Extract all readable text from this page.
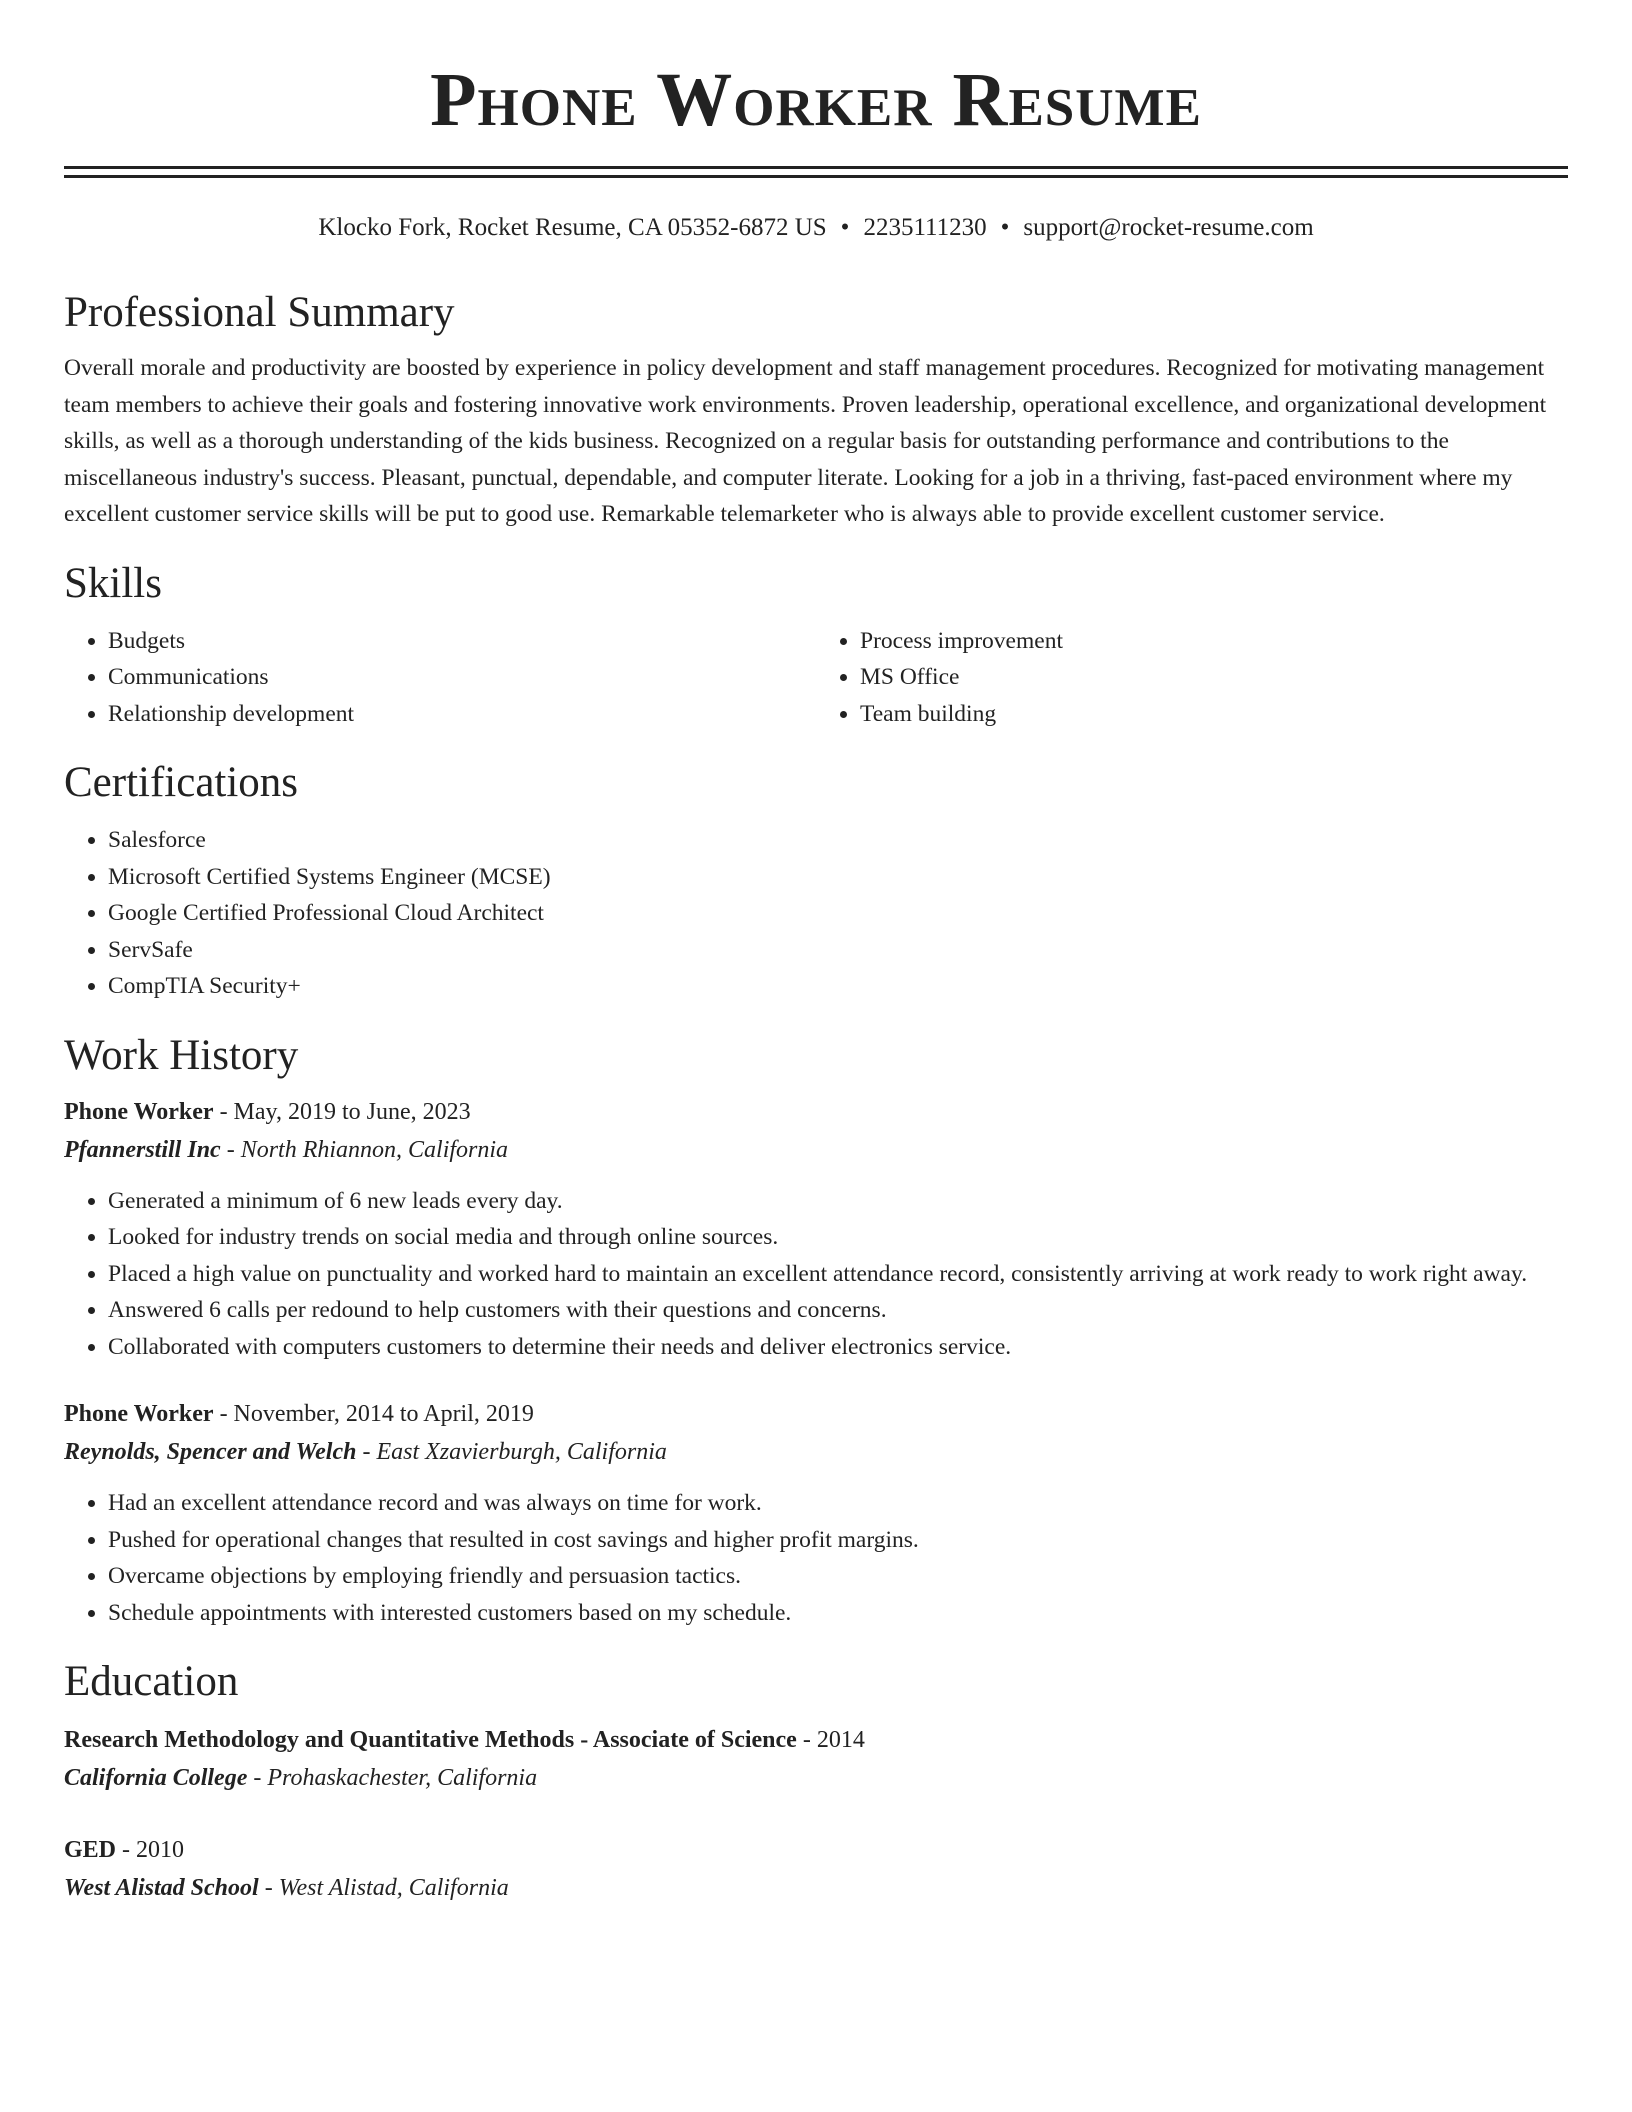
Phone Worker Resume
Klocko Fork, Rocket Resume, CA 05352-6872 US • 2235111230 • support@rocket-resume.com
Professional Summary

Overall morale and productivity are boosted by experience in policy development and staff management procedures. Recognized for motivating management team members to achieve their goals and fostering innovative work environments. Proven leadership, operational excellence, and organizational development skills, as well as a thorough understanding of the kids business. Recognized on a regular basis for outstanding performance and contributions to the miscellaneous industry's success. Pleasant, punctual, dependable, and computer literate. Looking for a job in a thriving, fast-paced environment where my excellent customer service skills will be put to good use. Remarkable telemarketer who is always able to provide excellent customer service.

Skills
• Budgets
• Communications
• Relationship development
• Process improvement
• MS Office
• Team building
Certifications
• Salesforce
• Microsoft Certified Systems Engineer (MCSE)
• Google Certified Professional Cloud Architect
• ServSafe
• CompTIA Security+
Work History
Phone Worker - May, 2019 to June, 2023
Pfannerstill Inc - North Rhiannon, California
• Generated a minimum of 6 new leads every day.
• Looked for industry trends on social media and through online sources.
• Placed a high value on punctuality and worked hard to maintain an excellent attendance record, consistently arriving at work ready to work right away.
• Answered 6 calls per redound to help customers with their questions and concerns.
• Collaborated with computers customers to determine their needs and deliver electronics service.
Phone Worker - November, 2014 to April, 2019
Reynolds, Spencer and Welch - East Xzavierburgh, California
• Had an excellent attendance record and was always on time for work.
• Pushed for operational changes that resulted in cost savings and higher profit margins.
• Overcame objections by employing friendly and persuasion tactics.
• Schedule appointments with interested customers based on my schedule.
Education
Research Methodology and Quantitative Methods - Associate of Science - 2014
California College - Prohaskachester, California
GED - 2010
West Alistad School - West Alistad, California
